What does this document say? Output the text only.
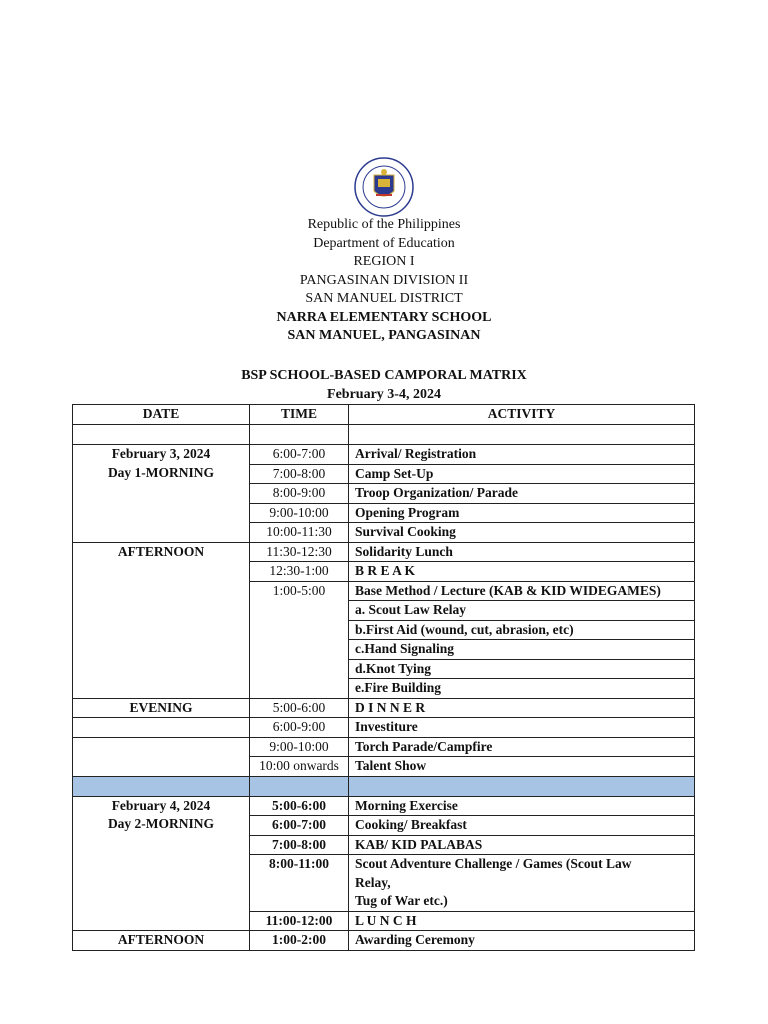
Republic of the Philippines
Department of Education
REGION I
PANGASINAN DIVISION II
SAN MANUEL DISTRICT
NARRA ELEMENTARY SCHOOL
SAN MANUEL, PANGASINAN
BSP SCHOOL-BASED CAMPORAL MATRIX
February 3-4, 2024
DATE	TIME	ACTIVITY

February 3, 2024
Day 1-MORNING	6:00-7:00	Arrival/ Registration
	7:00-8:00	Camp Set-Up
	8:00-9:00	Troop Organization/ Parade
	9:00-10:00	Opening Program
	10:00-11:30	Survival Cooking
AFTERNOON	11:30-12:30	Solidarity Lunch
	12:30-1:00	B R E A K
	1:00-5:00	Base Method / Lecture (KAB & KID WIDEGAMES)
		a. Scout Law Relay
		b.First Aid (wound, cut, abrasion, etc)
		c.Hand Signaling
		d.Knot Tying
		e.Fire Building
EVENING	5:00-6:00	D I N N E R
	6:00-9:00	Investiture
	9:00-10:00	Torch Parade/Campfire
	10:00 onwards	Talent Show

February 4, 2024
Day 2-MORNING	5:00-6:00	Morning Exercise
	6:00-7:00	Cooking/ Breakfast
	7:00-8:00	KAB/ KID PALABAS
	8:00-11:00	Scout Adventure Challenge / Games (Scout Law
Relay,
Tug of War etc.)

	11:00-12:00	L U N C H
AFTERNOON	1:00-2:00	Awarding Ceremony
